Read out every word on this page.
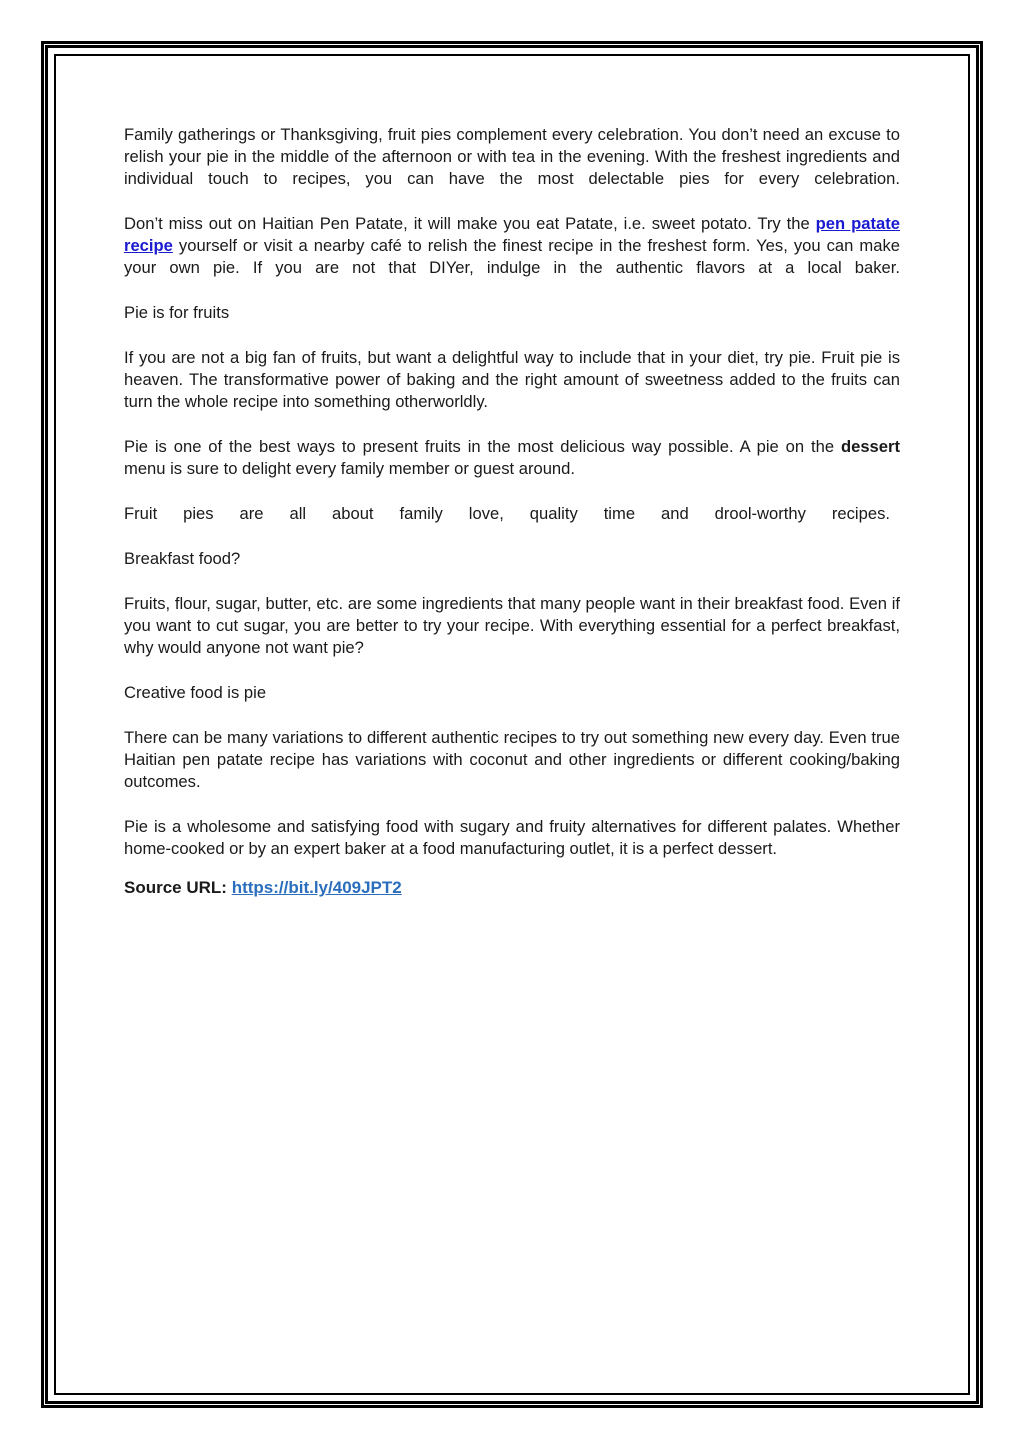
Family gatherings or Thanksgiving, fruit pies complement every celebration. You don’t need an excuse to relish your pie in the middle of the afternoon or with tea in the evening. With the freshest ingredients and individual touch to recipes, you can have the most delectable pies for every celebration.

Don’t miss out on Haitian Pen Patate, it will make you eat Patate, i.e. sweet potato. Try the pen patate recipe yourself or visit a nearby café to relish the finest recipe in the freshest form. Yes, you can make your own pie. If you are not that DIYer, indulge in the authentic flavors at a local baker.

Pie is for fruits

If you are not a big fan of fruits, but want a delightful way to include that in your diet, try pie. Fruit pie is heaven. The transformative power of baking and the right amount of sweetness added to the fruits can turn the whole recipe into something otherworldly.

Pie is one of the best ways to present fruits in the most delicious way possible. A pie on the dessert menu is sure to delight every family member or guest around.

Fruit pies are all about family love, quality time and drool-worthy recipes.

Breakfast food?

Fruits, flour, sugar, butter, etc. are some ingredients that many people want in their breakfast food. Even if you want to cut sugar, you are better to try your recipe. With everything essential for a perfect breakfast, why would anyone not want pie?

Creative food is pie

There can be many variations to different authentic recipes to try out something new every day. Even true Haitian pen patate recipe has variations with coconut and other ingredients or different cooking/baking outcomes.

Pie is a wholesome and satisfying food with sugary and fruity alternatives for different palates. Whether home-cooked or by an expert baker at a food manufacturing outlet, it is a perfect dessert.

Source URL: https://bit.ly/409JPT2
